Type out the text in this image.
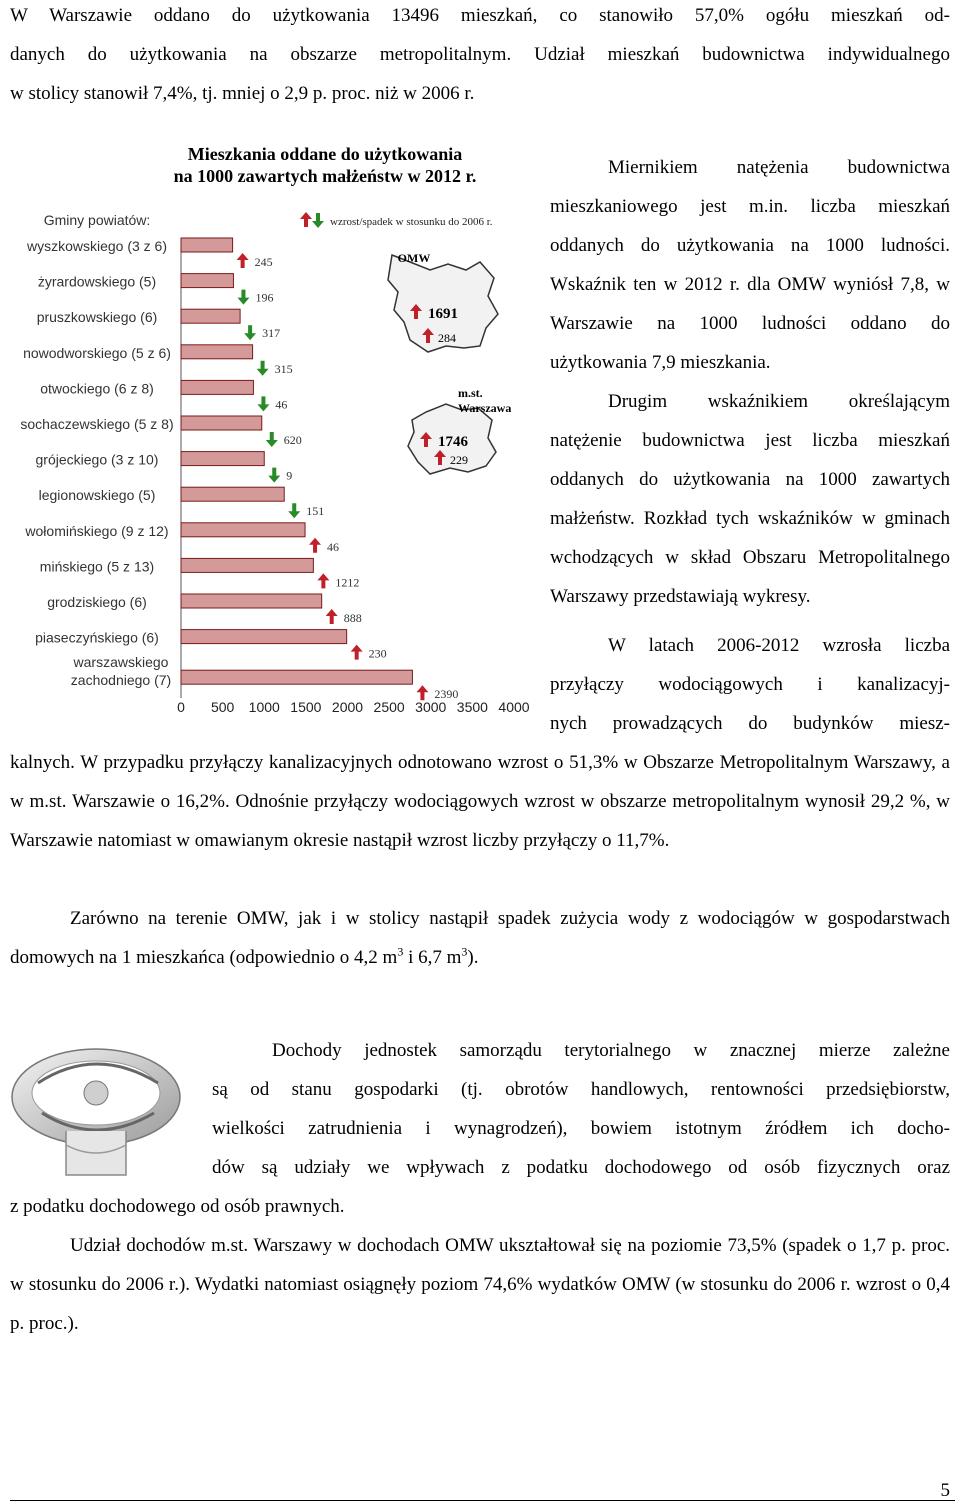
W Warszawie oddano do użytkowania 13496 mieszkań, co stanowiło 57,0% ogółu mieszkań od-

danych do użytkowania na obszarze metropolitalnym. Udział mieszkań budownictwa indywidualnego

w stolicy stanowił 7,4%, tj. mniej o 2,9 p. proc. niż w 2006 r.

Mieszkania oddane do użytkowania
na 1000 zawartych małżeństw w 2012 r.
Gminy powiatów:	wzrost/spadek w stosunku do 2006 r.
wyszkowskiego (3 z 6)
245
żyrardowskiego (5)
196
pruszkowskiego (6)
317
nowodworskiego (5 z 6)
315
otwockiego (6 z 8)
46
sochaczewskiego (5 z 8)
620
grójeckiego (3 z 10)
9
legionowskiego (5)
151
wołomińskiego (9 z 12)
46
mińskiego (5 z 13)
1212
grodziskiego (6)
888
piaseczyńskiego (6)
230
warszawskiego
zachodniego (7)
2390
0 500 1000 1500 2000 2500 3000 3500 4000
OMW
1691
284
m.st.
Warszawa
1746
229

Miernikiem natężenia budownictwa mieszkaniowego jest m.in. liczba mieszkań oddanych do użytkowania na 1000 ludności. Wskaźnik ten w 2012 r. dla OMW wyniósł 7,8, w Warszawie na 1000 ludności oddano do użytkowania 7,9 mieszkania.

Drugim wskaźnikiem określającym natężenie budownictwa jest liczba mieszkań oddanych do użytkowania na 1000 zawartych małżeństw. Rozkład tych wskaźników w gminach wchodzących w skład Obszaru Metropolitalnego Warszawy przedstawiają wykresy.

W latach 2006-2012 wzrosła liczba

przyłączy wodociągowych i kanalizacyj-

nych prowadzących do budynków miesz-

kalnych. W przypadku przyłączy kanalizacyjnych odnotowano wzrost o 51,3% w Obszarze Metropolitalnym Warszawy, a w m.st. Warszawie o 16,2%. Odnośnie przyłączy wodociągowych wzrost w obszarze metropolitalnym wynosił 29,2 %, w Warszawie natomiast w omawianym okresie nastąpił wzrost liczby przyłączy o 11,7%.

Zarówno na terenie OMW, jak i w stolicy nastąpił spadek zużycia wody z wodociągów w gospodarstwach domowych na 1 mieszkańca (odpowiednio o 4,2 $m^3$ i 6,7 $m^3$).

Dochody jednostek samorządu terytorialnego w znacznej mierze zależne

są od stanu gospodarki (tj. obrotów handlowych, rentowności przedsiębiorstw,

wielkości zatrudnienia i wynagrodzeń), bowiem istotnym źródłem ich docho-

dów są udziały we wpływach z podatku dochodowego od osób fizycznych oraz

z podatku dochodowego od osób prawnych.

Udział dochodów m.st. Warszawy w dochodach OMW ukształtował się na poziomie 73,5% (spadek o 1,7 p. proc. w stosunku do 2006 r.). Wydatki natomiast osiągnęły poziom 74,6% wydatków OMW (w stosunku do 2006 r. wzrost o 0,4 p. proc.).

5
